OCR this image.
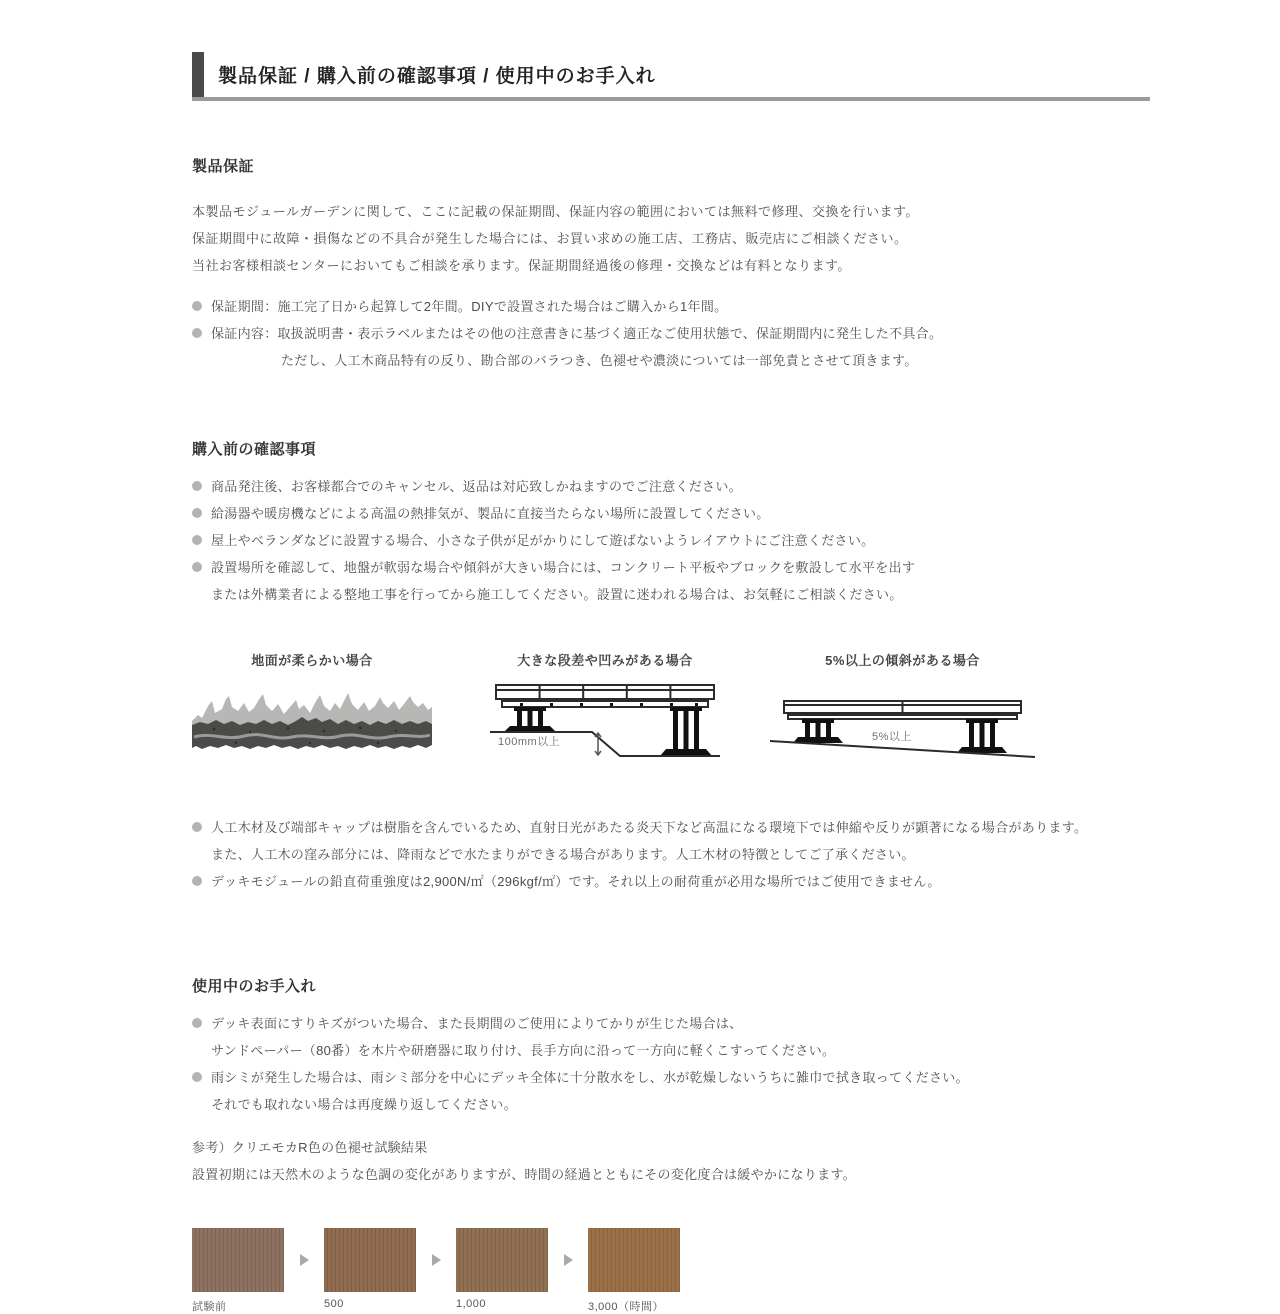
製品保証 / 購入前の確認事項 / 使用中のお手入れ
製品保証
本製品モジュールガーデンに関して、ここに記載の保証期間、保証内容の範囲においては無料で修理、交換を行います。
保証期間中に故障・損傷などの不具合が発生した場合には、お買い求めの施工店、工務店、販売店にご相談ください。
当社お客様相談センターにおいてもご相談を承ります。保証期間経過後の修理・交換などは有料となります。
保証期間：施工完了日から起算して2年間。DIYで設置された場合はご購入から1年間。
保証内容：取扱説明書・表示ラベルまたはその他の注意書きに基づく適正なご使用状態で、保証期間内に発生した不具合。
ただし、人工木商品特有の反り、勘合部のバラつき、色褪せや濃淡については一部免責とさせて頂きます。
購入前の確認事項
商品発注後、お客様都合でのキャンセル、返品は対応致しかねますのでご注意ください。
給湯器や暖房機などによる高温の熱排気が、製品に直接当たらない場所に設置してください。
屋上やベランダなどに設置する場合、小さな子供が足がかりにして遊ばないようレイアウトにご注意ください。
設置場所を確認して、地盤が軟弱な場合や傾斜が大きい場合には、コンクリート平板やブロックを敷設して水平を出す
または外構業者による整地工事を行ってから施工してください。設置に迷われる場合は、お気軽にご相談ください。
地面が柔らかい場合	大きな段差や凹みがある場合
100mm以上
5%以上の傾斜がある場合
5%以上
人工木材及び端部キャップは樹脂を含んでいるため、直射日光があたる炎天下など高温になる環境下では伸縮や反りが顕著になる場合があります。
また、人工木の窪み部分には、降雨などで水たまりができる場合があります。人工木材の特徴としてご了承ください。
デッキモジュールの鉛直荷重強度は2,900N/㎡（296kgf/㎡）です。それ以上の耐荷重が必用な場所ではご使用できません。
使用中のお手入れ
デッキ表面にすりキズがついた場合、また長期間のご使用によりてかりが生じた場合は、
サンドペーパー（80番）を木片や研磨器に取り付け、長手方向に沿って一方向に軽くこすってください。
雨シミが発生した場合は、雨シミ部分を中心にデッキ全体に十分散水をし、水が乾燥しないうちに雑巾で拭き取ってください。
それでも取れない場合は再度繰り返してください。
参考）クリエモカR色の色褪せ試験結果
設置初期には天然木のような色調の変化がありますが、時間の経過とともにその変化度合は緩やかになります。
試験前	500	1,000	3,000（時間）
